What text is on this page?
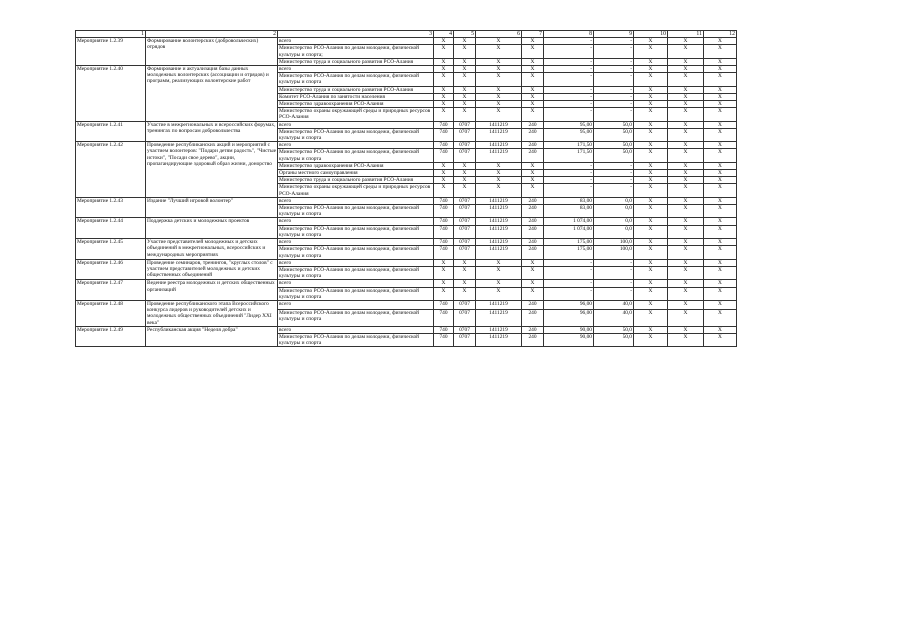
1	2	3	4	5	6	7	8	9	10	11	12
Мероприятие 1.2.39	Формирование волонтерских (добровольческих) отрядов	всего	Х	Х	Х	Х	-	-	Х	Х	Х
		Министерство РСО-Алания по делам молодежи, физической культуры и спорта;	Х	Х	Х	Х	-	-	Х	Х	Х
		Министерство труда и социального развития РСО-Алания	Х	Х	Х	Х	-	-	Х	Х	Х
Мероприятие 1.2.40	Формирование и актуализация базы данных молодежных волонтерских (ассоциации и отрядов) и программ, реализующих волонтерские работ	всего	Х	Х	Х	Х	-	-	Х	Х	Х
		Министерство РСО-Алания по делам молодежи, физической культуры и спорта	Х	Х	Х	Х	-	-	Х	Х	Х
		Министерство труда и социального развития РСО-Алания	Х	Х	Х	Х	-	-	Х	Х	Х
		Комитет РСО-Алания по занятости населения	Х	Х	Х	Х	-	-	Х	Х	Х
		Министерство здравоохранения РСО-Алания	Х	Х	Х	Х	-	-	Х	Х	Х
		Министерство охраны окружающей среды и природных ресурсов РСО-Алания	Х	Х	Х	Х	-	-	Х	Х	Х
Мероприятие 1.2.41	Участие в межрегиональных и всероссийских форумах, тренингах по вопросам добровольчества	всего	740	0707	1411219	240	95,00	50,0	Х	Х	Х
		Министерство РСО-Алания по делам молодежи, физической культуры и спорта	740	0707	1411219	240	95,00	50,0	Х	Х	Х
Мероприятие 1.2.42	Проведение республиканских акций и мероприятий с участием волонтеров: "Подари детям радость", "Чистые истоки", "Посади свое дерево", акции, пропагандирующие здоровый образ жизни, донорство	всего	740	0707	1411219	240	171,50	50,0	Х	Х	Х
		Министерство РСО-Алания по делам молодежи, физической культуры и спорта	740	0707	1411219	240	171,50	50,0	Х	Х	Х
		Министерство здравоохранения РСО-Алания	Х	Х	Х	Х	-	-	Х	Х	Х
		Органы местного самоуправления	Х	Х	Х	Х	-	-	Х	Х	Х
		Министерство труда и социального развития РСО-Алания	Х	Х	Х	Х	-	-	Х	Х	Х
		Министерство охраны окружающей среды и природных ресурсов РСО-Алания	Х	Х	Х	Х	-	-	Х	Х	Х
Мероприятие 1.2.43	Издание "Лучший игровой волонтер"	всего	740	0707	1411219	240	83,00	0,0	Х	Х	Х
		Министерство РСО-Алания по делам молодежи, физической культуры и спорта	740	0707	1411219	240	83,00	0,0	Х	Х	Х
Мероприятие 1.2.44	Поддержка детских и молодежных проектов	всего	740	0707	1411219	240	1 074,00	0,0	Х	Х	Х
		Министерство РСО-Алания по делам молодежи, физической культуры и спорта	740	0707	1411219	240	1 074,00	0,0	Х	Х	Х
Мероприятие 1.2.45	Участие представителей молодежных и детских объединений в межрегиональных, всероссийских и международных мероприятиях	всего	740	0707	1411219	240	175,00	100,0	Х	Х	Х
		Министерство РСО-Алания по делам молодежи, физической культуры и спорта	740	0707	1411219	240	175,00	100,0	Х	Х	Х
Мероприятие 1.2.46	Проведение семинаров, тренингов, "круглых столов" с участием представителей молодежных и детских общественных объединений	всего	Х	Х	Х	Х	-	-	Х	Х	Х
		Министерство РСО-Алания по делам молодежи, физической культуры и спорта	Х	Х	Х	Х	-	-	Х	Х	Х
Мероприятие 1.2.47	Ведение реестра молодежных и детских общественных организаций	всего	Х	Х	Х	Х	-	-	Х	Х	Х
		Министерство РСО-Алания по делам молодежи, физической культуры и спорта	Х	Х	Х	Х	-	-	Х	Х	Х
Мероприятие 1.2.48	Проведение республиканского этапа Всероссийского конкурса лидеров и руководителей детских и молодежных общественных объединений "Лидер XXI века"	всего	740	0707	1411219	240	96,00	40,0	Х	Х	Х
		Министерство РСО-Алания по делам молодежи, физической культуры и спорта	740	0707	1411219	240	96,00	40,0	Х	Х	Х
Мероприятие 1.2.49	Республиканская акция "Неделя добра"	всего	740	0707	1411219	240	90,00	50,0	Х	Х	Х
		Министерство РСО-Алания по делам молодежи, физической культуры и спорта	740	0707	1411219	240	90,00	50,0	Х	Х	Х
